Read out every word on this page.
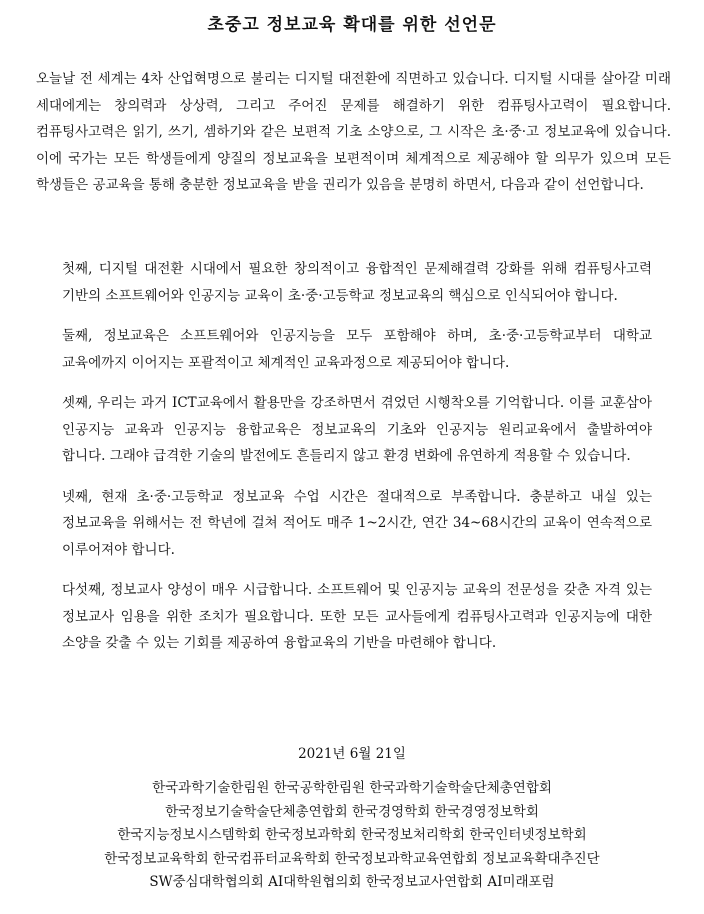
초중고 정보교육 확대를 위한 선언문

오늘날 전 세계는 4차 산업혁명으로 불리는 디지털 대전환에 직면하고 있습니다. 디지털 시대를 살아갈 미래 세대에게는 창의력과 상상력, 그리고 주어진 문제를 해결하기 위한 컴퓨팅사고력이 필요합니다. 컴퓨팅사고력은 읽기, 쓰기, 셈하기와 같은 보편적 기초 소양으로, 그 시작은 초·중·고 정보교육에 있습니다. 이에 국가는 모든 학생들에게 양질의 정보교육을 보편적이며 체계적으로 제공해야 할 의무가 있으며 모든 학생들은 공교육을 통해 충분한 정보교육을 받을 권리가 있음을 분명히 하면서, 다음과 같이 선언합니다.

첫째, 디지털 대전환 시대에서 필요한 창의적이고 융합적인 문제해결력 강화를 위해 컴퓨팅사고력 기반의 소프트웨어와 인공지능 교육이 초·중·고등학교 정보교육의 핵심으로 인식되어야 합니다.

둘째, 정보교육은 소프트웨어와 인공지능을 모두 포함해야 하며, 초·중·고등학교부터 대학교 교육에까지 이어지는 포괄적이고 체계적인 교육과정으로 제공되어야 합니다.

셋째, 우리는 과거 ICT교육에서 활용만을 강조하면서 겪었던 시행착오를 기억합니다. 이를 교훈삼아 인공지능 교육과 인공지능 융합교육은 정보교육의 기초와 인공지능 원리교육에서 출발하여야 합니다. 그래야 급격한 기술의 발전에도 흔들리지 않고 환경 변화에 유연하게 적용할 수 있습니다.

넷째, 현재 초·중·고등학교 정보교육 수업 시간은 절대적으로 부족합니다. 충분하고 내실 있는 정보교육을 위해서는 전 학년에 걸쳐 적어도 매주 1~2시간, 연간 34~68시간의 교육이 연속적으로 이루어져야 합니다.

다섯째, 정보교사 양성이 매우 시급합니다. 소프트웨어 및 인공지능 교육의 전문성을 갖춘 자격 있는 정보교사 임용을 위한 조치가 필요합니다. 또한 모든 교사들에게 컴퓨팅사고력과 인공지능에 대한 소양을 갖출 수 있는 기회를 제공하여 융합교육의 기반을 마련해야 합니다.

2021년 6월 21일
한국과학기술한림원 한국공학한림원 한국과학기술학술단체총연합회
한국정보기술학술단체총연합회 한국경영학회 한국경영정보학회
한국지능정보시스템학회 한국정보과학회 한국정보처리학회 한국인터넷정보학회
한국정보교육학회 한국컴퓨터교육학회 한국정보과학교육연합회 정보교육확대추진단
SW중심대학협의회 AI대학원협의회 한국정보교사연합회 AI미래포럼
